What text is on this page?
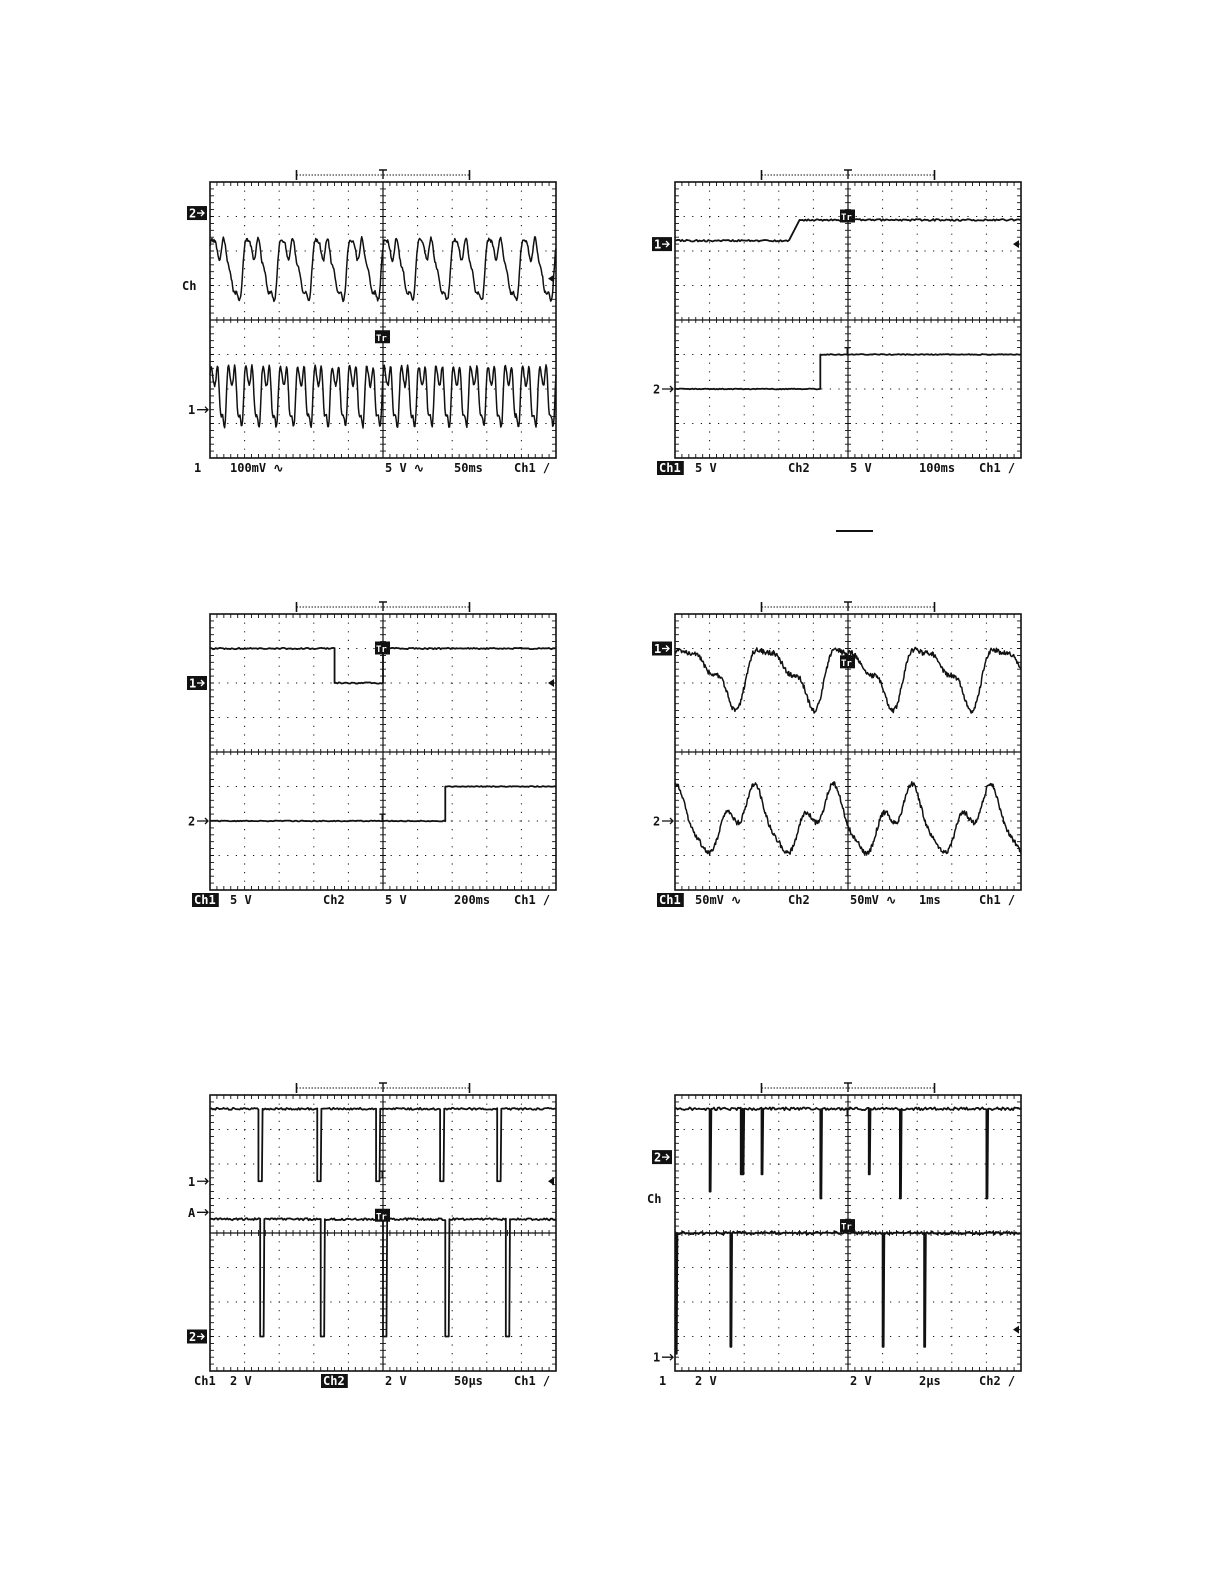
2
Ch
1
Tr
1 100mV ∿	5 V ∿	50ms	Ch1 /
1
2
Tr
T
Ch1 5 V	Ch2	5 V	100ms Ch1 /
1
2
Tr
T
Ch1 5 V	Ch2	5 V	200ms Ch1 /
1
2
Tr
Ch1 50mV ∿	Ch2	50mV ∿ 1ms	Ch1 /
1
A
2
T
Tr
Ch1 2 V	Ch2	2 V	50µs	Ch1 /
2
Ch
1
T
Tr
1 2 V	2 V	2µs	Ch2 /
